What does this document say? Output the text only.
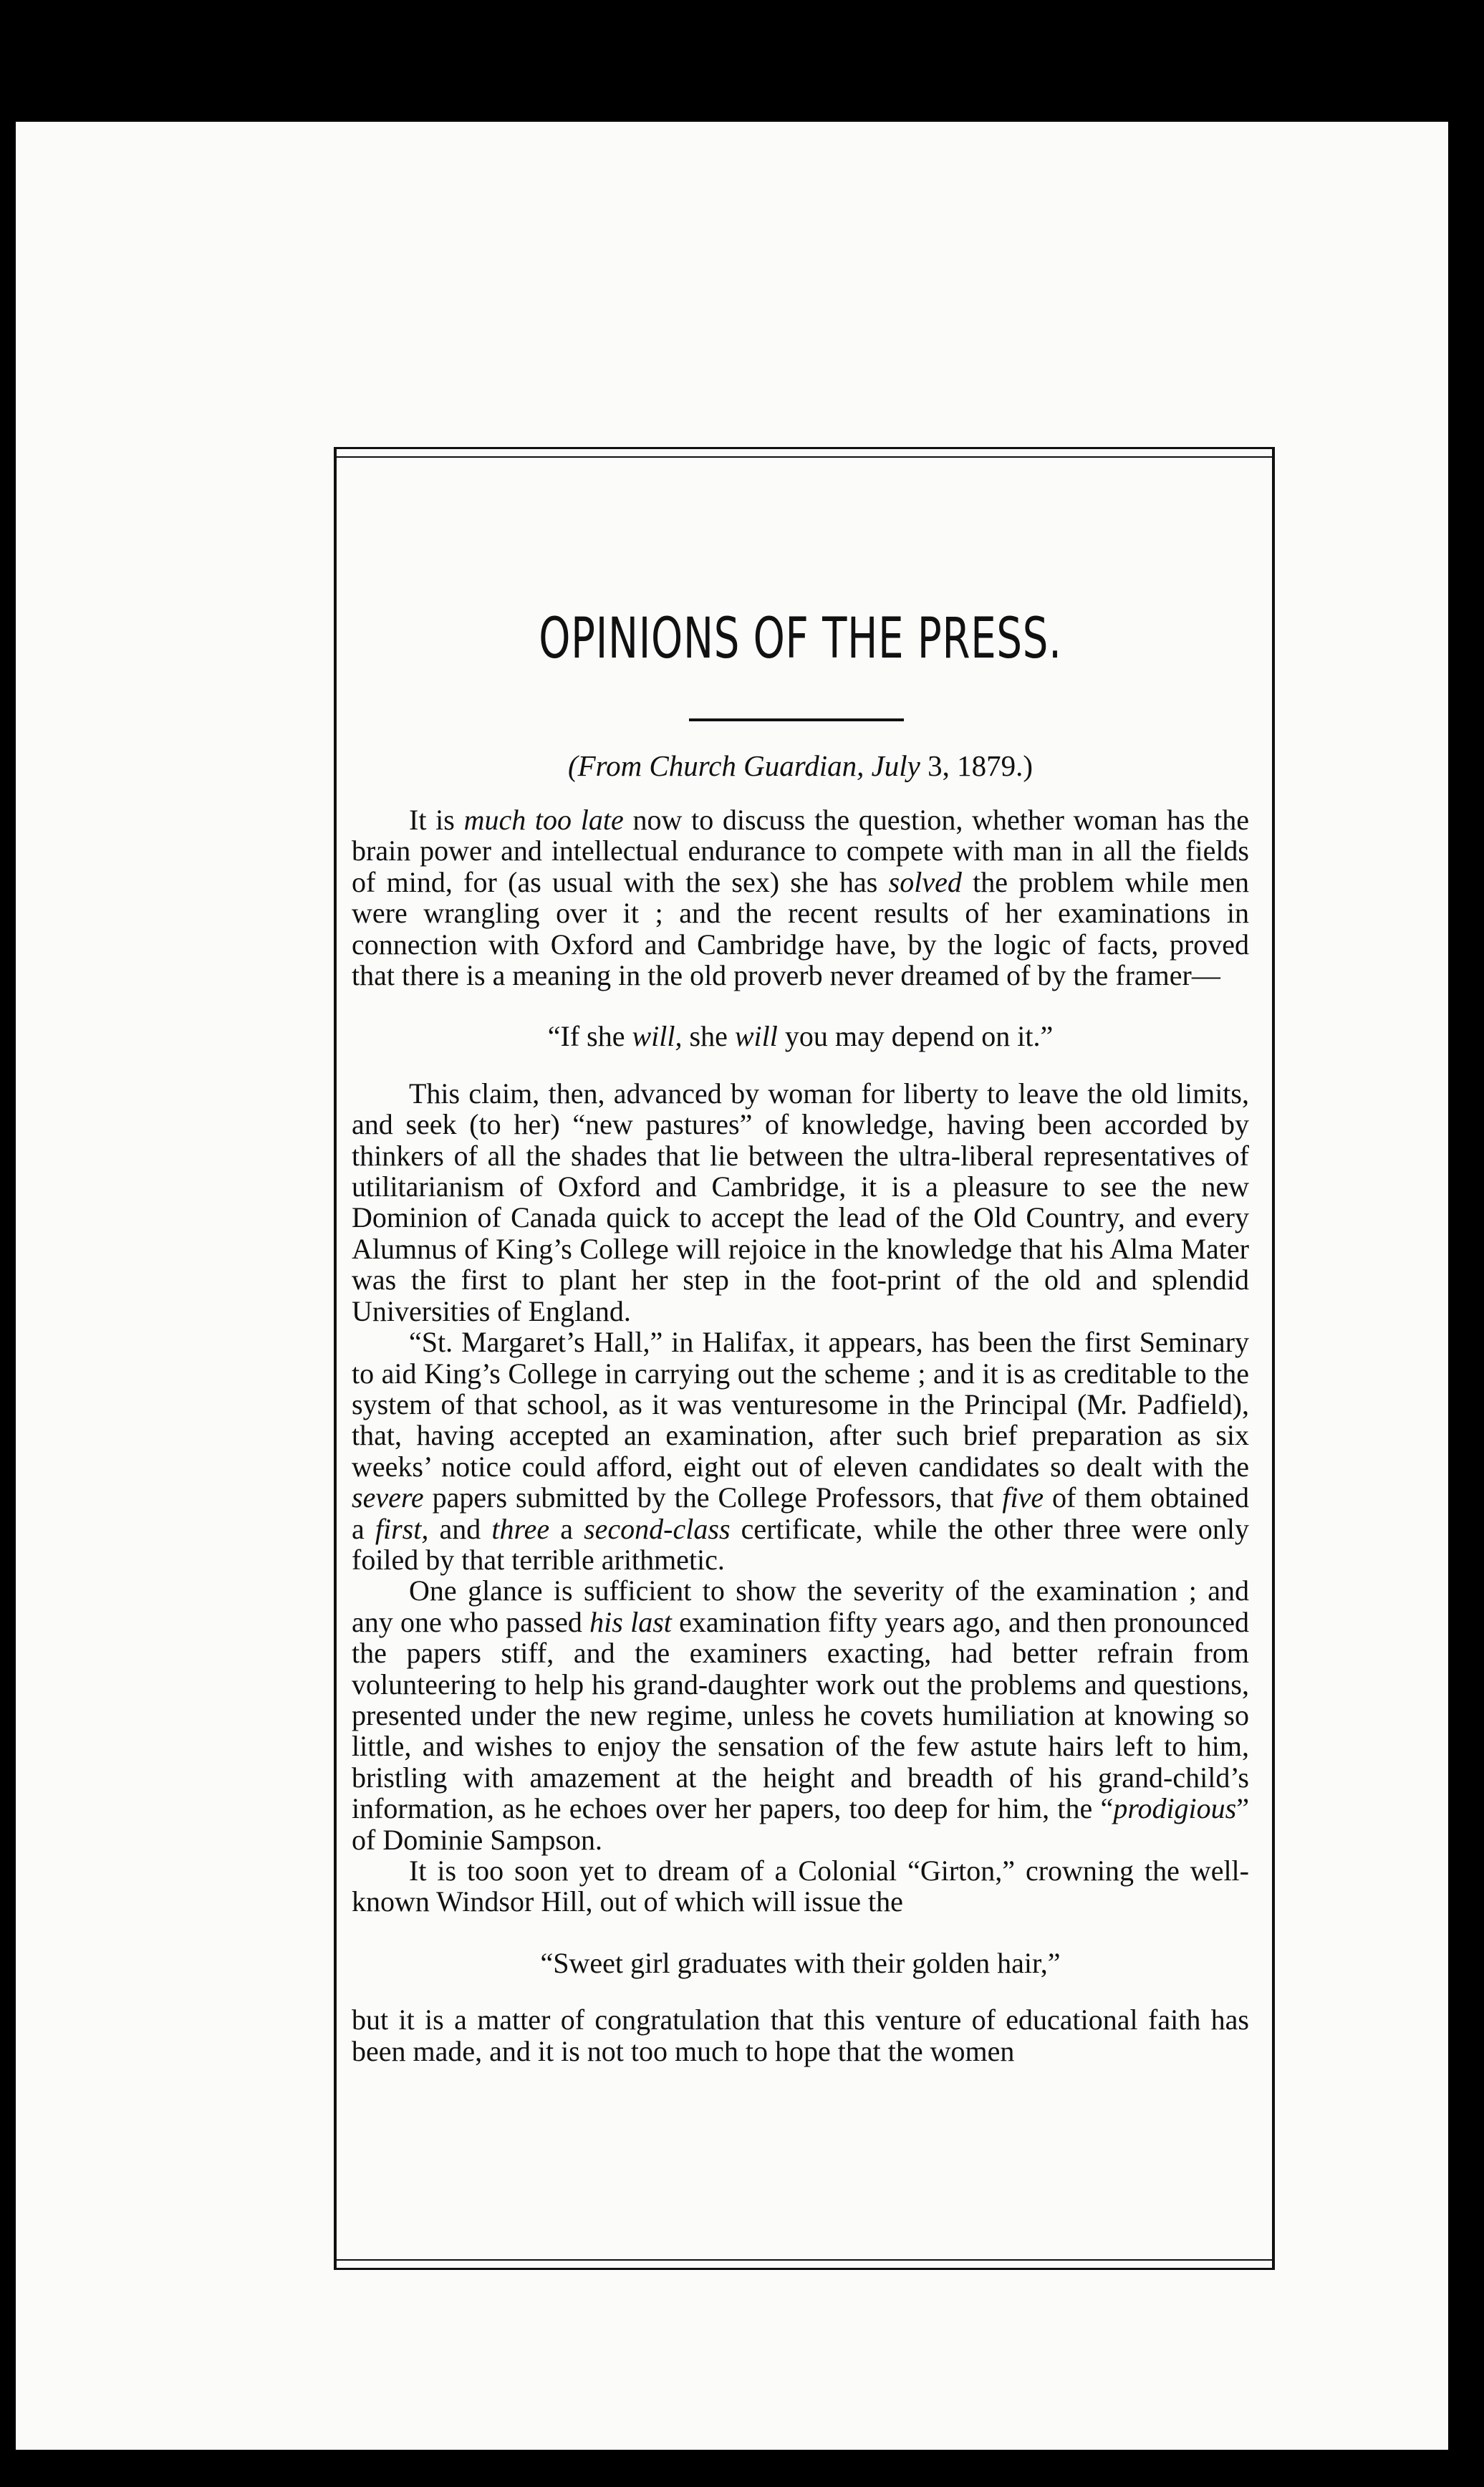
OPINIONS OF THE PRESS.
(From Church Guardian, July 3, 1879.)

It is much too late now to discuss the question, whether woman has the brain power and intellectual endurance to compete with man in all the fields of mind, for (as usual with the sex) she has solved the problem while men were wrangling over it ; and the recent results of her examinations in connection with Oxford and Cambridge have, by the logic of facts, proved that there is a meaning in the old proverb never dreamed of by the framer—

“If she will, she will you may depend on it.”

This claim, then, advanced by woman for liberty to leave the old limits, and seek (to her) “new pastures” of knowledge, having been accorded by thinkers of all the shades that lie between the ultra-liberal representatives of utilitarianism of Oxford and Cambridge, it is a pleasure to see the new Dominion of Canada quick to accept the lead of the Old Country, and every Alumnus of King’s College will rejoice in the knowledge that his Alma Mater was the first to plant her step in the foot-print of the old and splendid Universities of England.

“St. Margaret’s Hall,” in Halifax, it appears, has been the first Seminary to aid King’s College in carrying out the scheme ; and it is as creditable to the system of that school, as it was venturesome in the Principal (Mr. Padfield), that, having accepted an examination, after such brief preparation as six weeks’ notice could afford, eight out of eleven candidates so dealt with the severe papers submitted by the College Professors, that five of them obtained a first, and three a second-class certificate, while the other three were only foiled by that terrible arithmetic.

One glance is sufficient to show the severity of the examination ; and any one who passed his last examination fifty years ago, and then pronounced the papers stiff, and the examiners exacting, had better refrain from volunteering to help his grand-daughter work out the problems and questions, presented under the new regime, unless he covets humiliation at knowing so little, and wishes to enjoy the sensation of the few astute hairs left to him, bristling with amazement at the height and breadth of his grand-child’s information, as he echoes over her papers, too deep for him, the “prodigious” of Dominie Sampson.

It is too soon yet to dream of a Colonial “Girton,” crowning the well-known Windsor Hill, out of which will issue the

“Sweet girl graduates with their golden hair,”

but it is a matter of congratulation that this venture of educational faith has been made, and it is not too much to hope that the women
